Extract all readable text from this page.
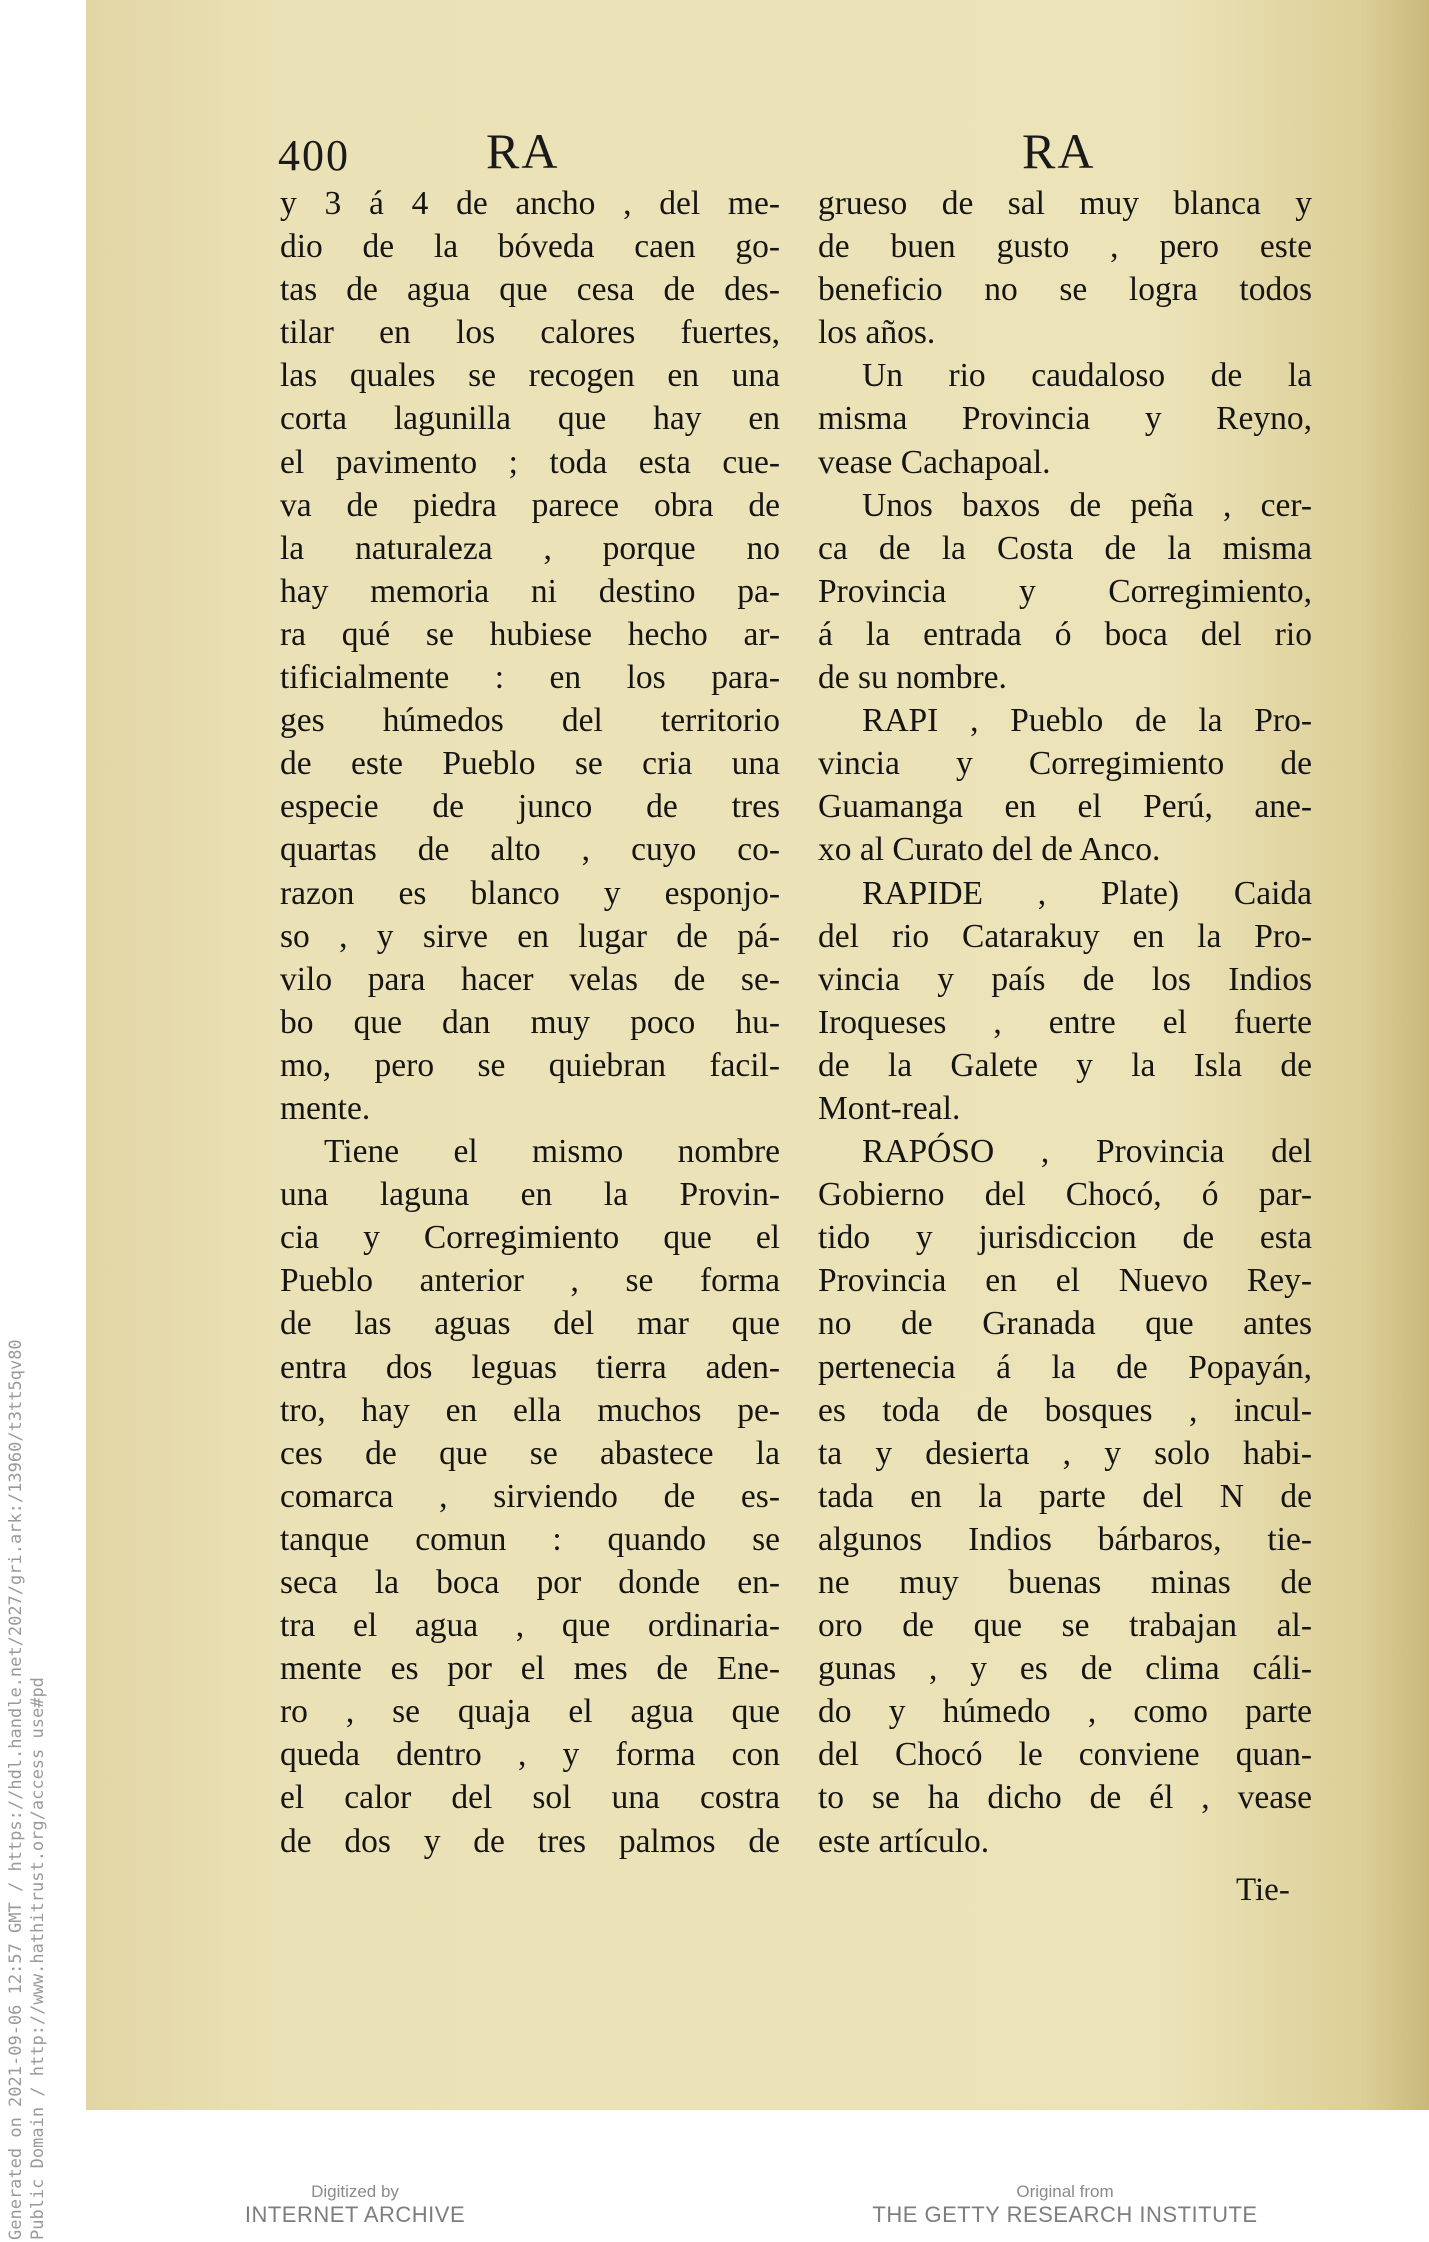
Generated on 2021-09-06 12:57 GMT / https://hdl.handle.net/2027/gri.ark:/13960/t3tt5qv80 Public Domain / http://www.hathitrust.org/access use#pd
400	RA	RA
y 3 á 4 de ancho , del me-
dio de la bóveda caen go-
tas de agua que cesa de des-
tilar en los calores fuertes,
las quales se recogen en una
corta lagunilla que hay en
el pavimento ; toda esta cue-
va de piedra parece obra de
la naturaleza , porque no
hay memoria ni destino pa-
ra qué se hubiese hecho ar-
tificialmente : en los para-
ges húmedos del territorio
de este Pueblo se cria una
especie de junco de tres
quartas de alto , cuyo co-
razon es blanco y esponjo-
so , y sirve en lugar de pá-
vilo para hacer velas de se-
bo que dan muy poco hu-
mo, pero se quiebran facil-
mente.
Tiene el mismo nombre
una laguna en la Provin-
cia y Corregimiento que el
Pueblo anterior , se forma
de las aguas del mar que
entra dos leguas tierra aden-
tro, hay en ella muchos pe-
ces de que se abastece la
comarca , sirviendo de es-
tanque comun : quando se
seca la boca por donde en-
tra el agua , que ordinaria-
mente es por el mes de Ene-
ro , se quaja el agua que
queda dentro , y forma con
el calor del sol una costra
de dos y de tres palmos de
grueso de sal muy blanca y
de buen gusto , pero este
beneficio no se logra todos
los años.
Un rio caudaloso de la
misma Provincia y Reyno,
vease Cachapoal.
Unos baxos de peña , cer-
ca de la Costa de la misma
Provincia y Corregimiento,
á la entrada ó boca del rio
de su nombre.
RAPI , Pueblo de la Pro-
vincia y Corregimiento de
Guamanga en el Perú, ane-
xo al Curato del de Anco.
RAPIDE , Plate) Caida
del rio Catarakuy en la Pro-
vincia y país de los Indios
Iroqueses , entre el fuerte
de la Galete y la Isla de
Mont-real.
RAPÓSO , Provincia del
Gobierno del Chocó, ó par-
tido y jurisdiccion de esta
Provincia en el Nuevo Rey-
no de Granada que antes
pertenecia á la de Popayán,
es toda de bosques , incul-
ta y desierta , y solo habi-
tada en la parte del N de
algunos Indios bárbaros, tie-
ne muy buenas minas de
oro de que se trabajan al-
gunas , y es de clima cáli-
do y húmedo , como parte
del Chocó le conviene quan-
to se ha dicho de él , vease
este artículo.
Tie-
Digitized by
INTERNET ARCHIVE
Original from
THE GETTY RESEARCH INSTITUTE
